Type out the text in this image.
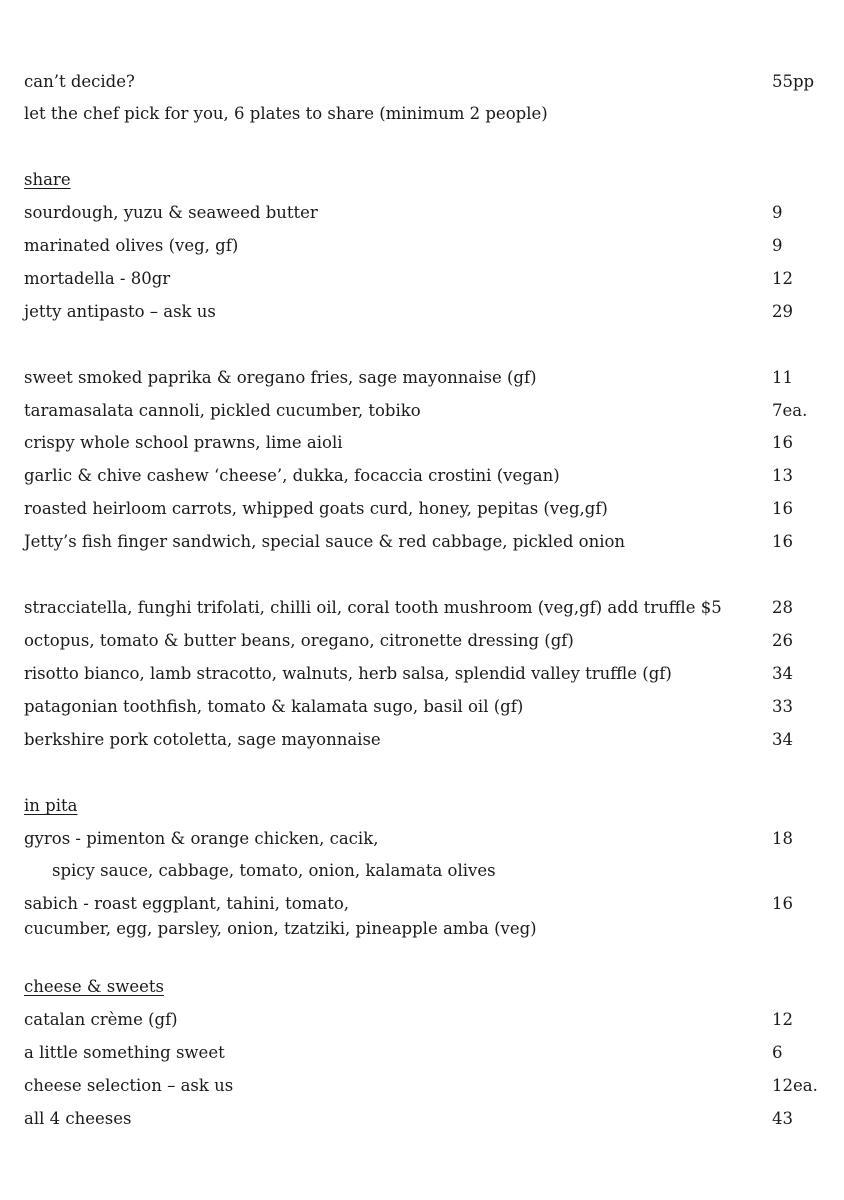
can’t decide?	55pp
let the chef pick for you, 6 plates to share (minimum 2 people)
share
sourdough, yuzu & seaweed butter	9
marinated olives (veg, gf)	9
mortadella - 80gr	12
jetty antipasto – ask us	29
sweet smoked paprika & oregano fries, sage mayonnaise (gf)	11
taramasalata cannoli, pickled cucumber, tobiko	7ea.
crispy whole school prawns, lime aioli	16
garlic & chive cashew ‘cheese’, dukka, focaccia crostini (vegan)	13
roasted heirloom carrots, whipped goats curd, honey, pepitas (veg,gf)	16
Jetty’s fish finger sandwich, special sauce & red cabbage, pickled onion	16
stracciatella, funghi trifolati, chilli oil, coral tooth mushroom (veg,gf) add truffle $5	28
octopus, tomato & butter beans, oregano, citronette dressing (gf)	26
risotto bianco, lamb stracotto, walnuts, herb salsa, splendid valley truffle (gf)	34
patagonian toothfish, tomato & kalamata sugo, basil oil (gf)	33
berkshire pork cotoletta, sage mayonnaise	34
in pita
gyros - pimenton & orange chicken, cacik,	18
spicy sauce, cabbage, tomato, onion, kalamata olives
sabich - roast eggplant, tahini, tomato,	16
cucumber, egg, parsley, onion, tzatziki, pineapple amba (veg)
cheese & sweets
catalan crème (gf)	12
a little something sweet	6
cheese selection – ask us	12ea.
all 4 cheeses	43
